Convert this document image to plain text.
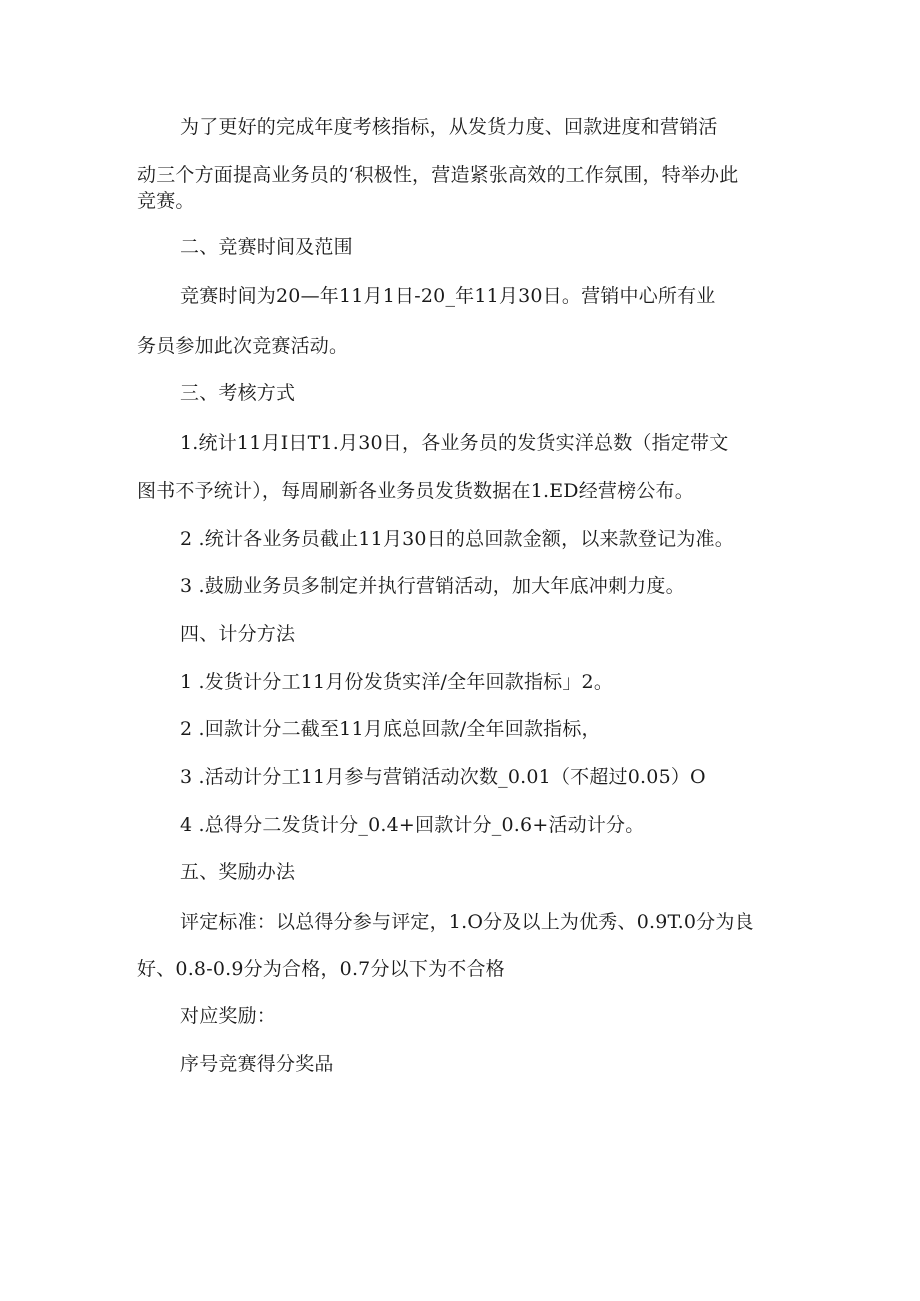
为了更好的完成年度考核指标，从发货力度、回款进度和营销活
动三个方面提高业务员的‘积极性，营造紧张高效的工作氛围，特举办此
竞赛。
二、竞赛时间及范围
竞赛时间为20—年11月1日-20_年11月30日。营销中心所有业
务员参加此次竞赛活动。
三、考核方式
1.统计11月I日T1.月30日，各业务员的发货实洋总数（指定带文
图书不予统计），每周刷新各业务员发货数据在1.ED经营榜公布。
2 .统计各业务员截止11月30日的总回款金额，以来款登记为准。
3 .鼓励业务员多制定并执行营销活动，加大年底冲刺力度。
四、计分方法
1 .发货计分工11月份发货实洋/全年回款指标」2。
2 .回款计分二截至11月底总回款/全年回款指标，
3 .活动计分工11月参与营销活动次数_0.01（不超过0.05）O
4 .总得分二发货计分_0.4+回款计分_0.6+活动计分。
五、奖励办法
评定标准：以总得分参与评定，1.O分及以上为优秀、0.9T.0分为良
好、0.8-0.9分为合格，0.7分以下为不合格
对应奖励：
序号竞赛得分奖品
